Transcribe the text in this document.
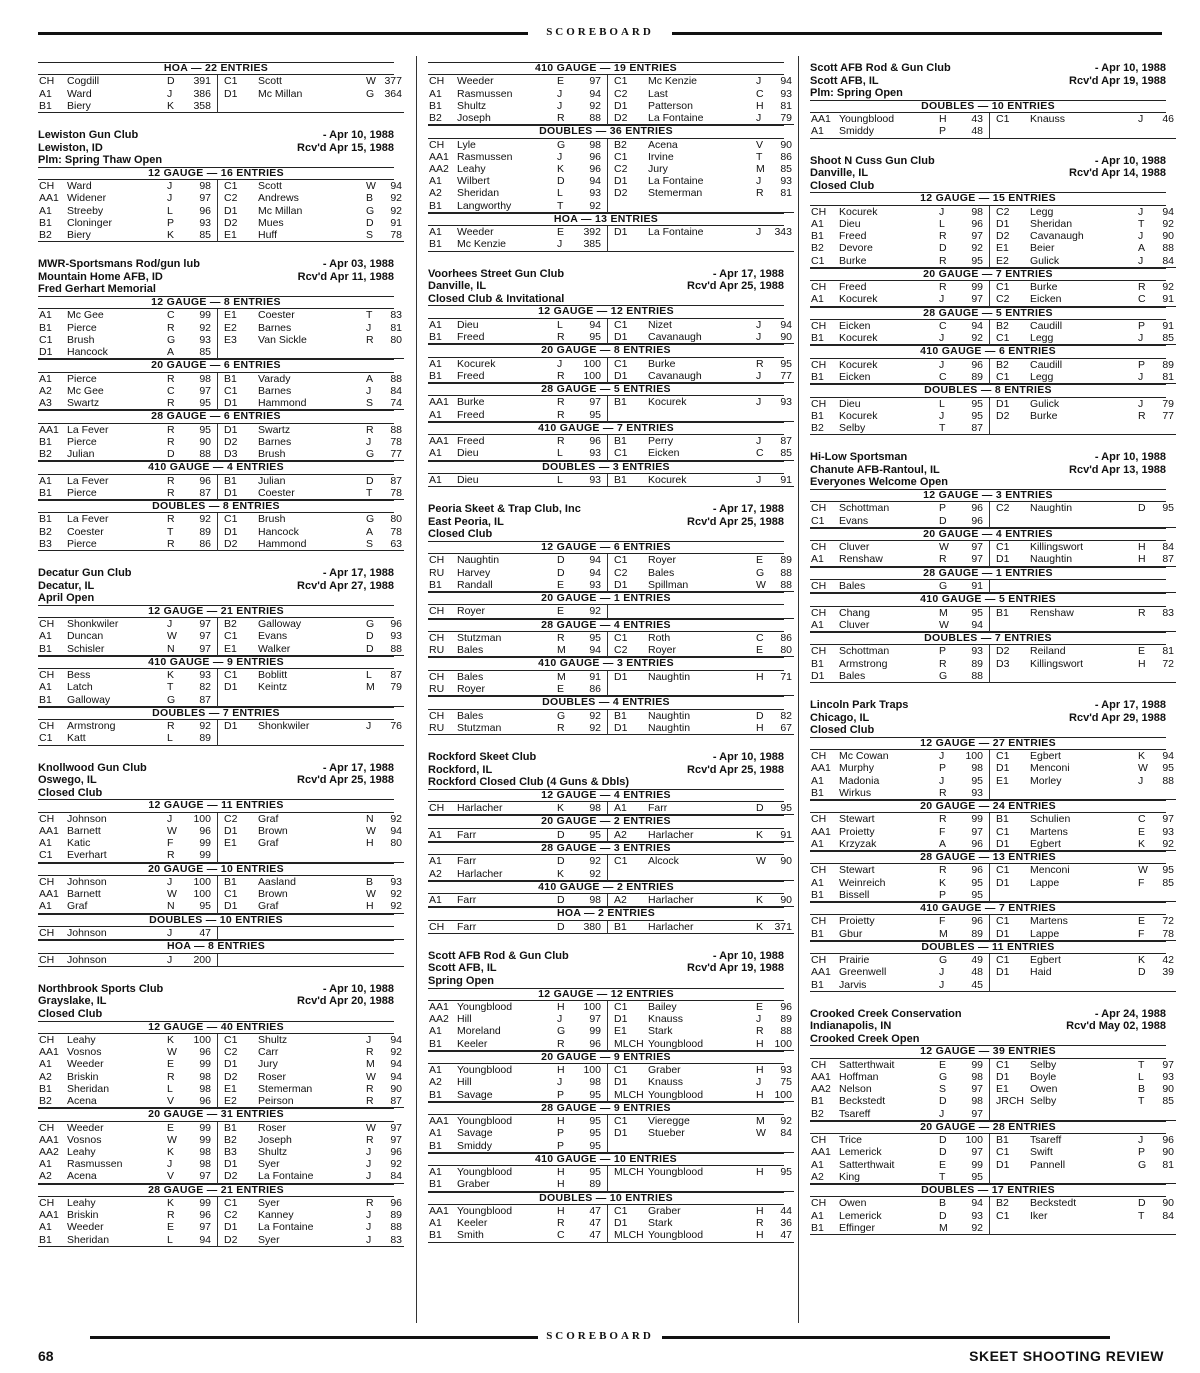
SCOREBOARD
HOA — 22 ENTRIES
CH	Cogdill	D	391	C1	Scott	W	377
A1	Ward	J	386	D1	Mc Millan	G	364
B1	Biery	K	358				
Lewiston Gun Club	- Apr 10, 1988
Lewiston, ID	Rcv'd Apr 15, 1988
Plm: Spring Thaw Open
12 GAUGE — 16 ENTRIES
CH	Ward	J	98	C1	Scott	W	94
AA1	Widener	J	97	C2	Andrews	B	92
A1	Streeby	L	96	D1	Mc Millan	G	92
B1	Cloninger	P	93	D2	Mues	D	91
B2	Biery	K	85	E1	Huff	S	78
MWR-Sportsmans Rod/gun lub	- Apr 03, 1988
Mountain Home AFB, ID	Rcv'd Apr 11, 1988
Fred Gerhart Memorial
12 GAUGE — 8 ENTRIES
A1	Mc Gee	C	99	E1	Coester	T	83
B1	Pierce	R	92	E2	Barnes	J	81
C1	Brush	G	93	E3	Van Sickle	R	80
D1	Hancock	A	85				
20 GAUGE — 6 ENTRIES
A1	Pierce	R	98	B1	Varady	A	88
A2	Mc Gee	C	97	C1	Barnes	J	84
A3	Swartz	R	95	D1	Hammond	S	74
28 GAUGE — 6 ENTRIES
AA1	La Fever	R	95	D1	Swartz	R	88
B1	Pierce	R	90	D2	Barnes	J	78
B2	Julian	D	88	D3	Brush	G	77
410 GAUGE — 4 ENTRIES
A1	La Fever	R	96	B1	Julian	D	87
B1	Pierce	R	87	D1	Coester	T	78
DOUBLES — 8 ENTRIES
B1	La Fever	R	92	C1	Brush	G	80
B2	Coester	T	89	D1	Hancock	A	78
B3	Pierce	R	86	D2	Hammond	S	63
Decatur Gun Club	- Apr 17, 1988
Decatur, IL	Rcv'd Apr 27, 1988
April Open
12 GAUGE — 21 ENTRIES
CH	Shonkwiler	J	97	B2	Galloway	G	96
A1	Duncan	W	97	C1	Evans	D	93
B1	Schisler	N	97	E1	Walker	D	88
410 GAUGE — 9 ENTRIES
CH	Bess	K	93	C1	Boblitt	L	87
A1	Latch	T	82	D1	Keintz	M	79
B1	Galloway	G	87				
DOUBLES — 7 ENTRIES
CH	Armstrong	R	92	D1	Shonkwiler	J	76
C1	Katt	L	89				
Knollwood Gun Club	- Apr 17, 1988
Oswego, IL	Rcv'd Apr 25, 1988
Closed Club
12 GAUGE — 11 ENTRIES
CH	Johnson	J	100	C2	Graf	N	92
AA1	Barnett	W	96	D1	Brown	W	94
A1	Katic	F	99	E1	Graf	H	80
C1	Everhart	R	99				
20 GAUGE — 10 ENTRIES
CH	Johnson	J	100	B1	Aasland	B	93
AA1	Barnett	W	100	C1	Brown	W	92
A1	Graf	N	95	D1	Graf	H	92
DOUBLES — 10 ENTRIES
CH	Johnson	J	47				
HOA — 8 ENTRIES
CH	Johnson	J	200				
Northbrook Sports Club	- Apr 10, 1988
Grayslake, IL	Rcv'd Apr 20, 1988
Closed Club
12 GAUGE — 40 ENTRIES
CH	Leahy	K	100	C1	Shultz	J	94
AA1	Vosnos	W	96	C2	Carr	R	92
A1	Weeder	E	99	D1	Jury	M	94
A2	Briskin	R	98	D2	Roser	W	94
B1	Sheridan	L	98	E1	Stemerman	R	90
B2	Acena	V	96	E2	Peirson	R	87
20 GAUGE — 31 ENTRIES
CH	Weeder	E	99	B1	Roser	W	97
AA1	Vosnos	W	99	B2	Joseph	R	97
AA2	Leahy	K	98	B3	Shultz	J	96
A1	Rasmussen	J	98	D1	Syer	J	92
A2	Acena	V	97	D2	La Fontaine	J	84
28 GAUGE — 21 ENTRIES
CH	Leahy	K	99	C1	Syer	R	96
AA1	Briskin	R	96	C2	Kanney	J	89
A1	Weeder	E	97	D1	La Fontaine	J	88
B1	Sheridan	L	94	D2	Syer	J	83
410 GAUGE — 19 ENTRIES
CH	Weeder	E	97	C1	Mc Kenzie	J	94
A1	Rasmussen	J	94	C2	Last	C	93
B1	Shultz	J	92	D1	Patterson	H	81
B2	Joseph	R	88	D2	La Fontaine	J	79
DOUBLES — 36 ENTRIES
CH	Lyle	G	98	B2	Acena	V	90
AA1	Rasmussen	J	96	C1	Irvine	T	86
AA2	Leahy	K	96	C2	Jury	M	85
A1	Wilbert	D	94	D1	La Fontaine	J	93
A2	Sheridan	L	93	D2	Stemerman	R	81
B1	Langworthy	T	92				
HOA — 13 ENTRIES
A1	Weeder	E	392	D1	La Fontaine	J	343
B1	Mc Kenzie	J	385				
Voorhees Street Gun Club	- Apr 17, 1988
Danville, IL	Rcv'd Apr 25, 1988
Closed Club & Invitational
12 GAUGE — 12 ENTRIES
A1	Dieu	L	94	C1	Nizet	J	94
B1	Freed	R	95	D1	Cavanaugh	J	90
20 GAUGE — 8 ENTRIES
A1	Kocurek	J	100	C1	Burke	R	95
B1	Freed	R	100	D1	Cavanaugh	J	77
28 GAUGE — 5 ENTRIES
AA1	Burke	R	97	B1	Kocurek	J	93
A1	Freed	R	95				
410 GAUGE — 7 ENTRIES
AA1	Freed	R	96	B1	Perry	J	87
A1	Dieu	L	93	C1	Eicken	C	85
DOUBLES — 3 ENTRIES
A1	Dieu	L	93	B1	Kocurek	J	91
Peoria Skeet & Trap Club, Inc	- Apr 17, 1988
East Peoria, IL	Rcv'd Apr 25, 1988
Closed Club
12 GAUGE — 6 ENTRIES
CH	Naughtin	D	94	C1	Royer	E	89
RU	Harvey	D	94	C2	Bales	G	88
B1	Randall	E	93	D1	Spillman	W	88
20 GAUGE — 1 ENTRIES
CH	Royer	E	92				
28 GAUGE — 4 ENTRIES
CH	Stutzman	R	95	C1	Roth	C	86
RU	Bales	M	94	C2	Royer	E	80
410 GAUGE — 3 ENTRIES
CH	Bales	M	91	D1	Naughtin	H	71
RU	Royer	E	86				
DOUBLES — 4 ENTRIES
CH	Bales	G	92	B1	Naughtin	D	82
RU	Stutzman	R	92	D1	Naughtin	H	67
Rockford Skeet Club	- Apr 10, 1988
Rockford, IL	Rcv'd Apr 25, 1988
Rockford Closed Club (4 Guns & Dbls)
12 GAUGE — 4 ENTRIES
CH	Harlacher	K	98	A1	Farr	D	95
20 GAUGE — 2 ENTRIES
A1	Farr	D	95	A2	Harlacher	K	91
28 GAUGE — 3 ENTRIES
A1	Farr	D	92	C1	Alcock	W	90
A2	Harlacher	K	92				
410 GAUGE — 2 ENTRIES
A1	Farr	D	98	A2	Harlacher	K	90
HOA — 2 ENTRIES
CH	Farr	D	380	B1	Harlacher	K	371
Scott AFB Rod & Gun Club	- Apr 10, 1988
Scott AFB, IL	Rcv'd Apr 19, 1988
Spring Open
12 GAUGE — 12 ENTRIES
AA1	Youngblood	H	100	C1	Bailey	E	96
AA2	Hill	J	97	D1	Knauss	J	89
A1	Moreland	G	99	E1	Stark	R	88
B1	Keeler	R	96	MLCH	Youngblood	H	100
20 GAUGE — 9 ENTRIES
A1	Youngblood	H	100	C1	Graber	H	93
A2	Hill	J	98	D1	Knauss	J	75
B1	Savage	P	95	MLCH	Youngblood	H	100
28 GAUGE — 9 ENTRIES
AA1	Youngblood	H	95	C1	Vieregge	M	92
A1	Savage	P	95	D1	Stueber	W	84
B1	Smiddy	P	95				
410 GAUGE — 10 ENTRIES
A1	Youngblood	H	95	MLCH	Youngblood	H	95
B1	Graber	H	89				
DOUBLES — 10 ENTRIES
AA1	Youngblood	H	47	C1	Graber	H	44
A1	Keeler	R	47	D1	Stark	R	36
B1	Smith	C	47	MLCH	Youngblood	H	47
Scott AFB Rod & Gun Club	- Apr 10, 1988
Scott AFB, IL	Rcv'd Apr 19, 1988
Plm: Spring Open
DOUBLES — 10 ENTRIES
AA1	Youngblood	H	43	C1	Knauss	J	46
A1	Smiddy	P	48				
Shoot N Cuss Gun Club	- Apr 10, 1988
Danville, IL	Rcv'd Apr 14, 1988
Closed Club
12 GAUGE — 15 ENTRIES
CH	Kocurek	J	98	C2	Legg	J	94
A1	Dieu	L	96	D1	Sheridan	T	92
B1	Freed	R	97	D2	Cavanaugh	J	90
B2	Devore	D	92	E1	Beier	A	88
C1	Burke	R	95	E2	Gulick	J	84
20 GAUGE — 7 ENTRIES
CH	Freed	R	99	C1	Burke	R	92
A1	Kocurek	J	97	C2	Eicken	C	91
28 GAUGE — 5 ENTRIES
CH	Eicken	C	94	B2	Caudill	P	91
B1	Kocurek	J	92	C1	Legg	J	85
410 GAUGE — 6 ENTRIES
CH	Kocurek	J	96	B2	Caudill	P	89
B1	Eicken	C	89	C1	Legg	J	81
DOUBLES — 8 ENTRIES
CH	Dieu	L	95	D1	Gulick	J	79
B1	Kocurek	J	95	D2	Burke	R	77
B2	Selby	T	87				
Hi-Low Sportsman	- Apr 10, 1988
Chanute AFB-Rantoul, IL	Rcv'd Apr 13, 1988
Everyones Welcome Open
12 GAUGE — 3 ENTRIES
CH	Schottman	P	96	C2	Naughtin	D	95
C1	Evans	D	96				
20 GAUGE — 4 ENTRIES
CH	Cluver	W	97	C1	Killingswort	H	84
A1	Renshaw	R	97	D1	Naughtin	H	87
28 GAUGE — 1 ENTRIES
CH	Bales	G	91				
410 GAUGE — 5 ENTRIES
CH	Chang	M	95	B1	Renshaw	R	83
A1	Cluver	W	94				
DOUBLES — 7 ENTRIES
CH	Schottman	P	93	D2	Reiland	E	81
B1	Armstrong	R	89	D3	Killingswort	H	72
D1	Bales	G	88				
Lincoln Park Traps	- Apr 17, 1988
Chicago, IL	Rcv'd Apr 29, 1988
Closed Club
12 GAUGE — 27 ENTRIES
CH	Mc Cowan	J	100	C1	Egbert	K	94
AA1	Murphy	P	98	D1	Menconi	W	95
A1	Madonia	J	95	E1	Morley	J	88
B1	Wirkus	R	93				
20 GAUGE — 24 ENTRIES
CH	Stewart	R	99	B1	Schulien	C	97
AA1	Proietty	F	97	C1	Martens	E	93
A1	Krzyzak	A	96	D1	Egbert	K	92
28 GAUGE — 13 ENTRIES
CH	Stewart	R	96	C1	Menconi	W	95
A1	Weinreich	K	95	D1	Lappe	F	85
B1	Bissell	P	95				
410 GAUGE — 7 ENTRIES
CH	Proietty	F	96	C1	Martens	E	72
B1	Gbur	M	89	D1	Lappe	F	78
DOUBLES — 11 ENTRIES
CH	Prairie	G	49	C1	Egbert	K	42
AA1	Greenwell	J	48	D1	Haid	D	39
B1	Jarvis	J	45				
Crooked Creek Conservation	- Apr 24, 1988
Indianapolis, IN	Rcv'd May 02, 1988
Crooked Creek Open
12 GAUGE — 39 ENTRIES
CH	Satterthwait	E	99	C1	Selby	T	97
AA1	Hoffman	G	98	D1	Boyle	L	93
AA2	Nelson	S	97	E1	Owen	B	90
B1	Beckstedt	D	98	JRCH	Selby	T	85
B2	Tsareff	J	97				
20 GAUGE — 28 ENTRIES
CH	Trice	D	100	B1	Tsareff	J	96
AA1	Lemerick	D	97	C1	Swift	P	90
A1	Satterthwait	E	99	D1	Pannell	G	81
A2	King	T	95				
DOUBLES — 17 ENTRIES
CH	Owen	B	94	B2	Beckstedt	D	90
A1	Lemerick	D	93	C1	Iker	T	84
B1	Effinger	M	92				
SCOREBOARD
68	SKEET SHOOTING REVIEW
